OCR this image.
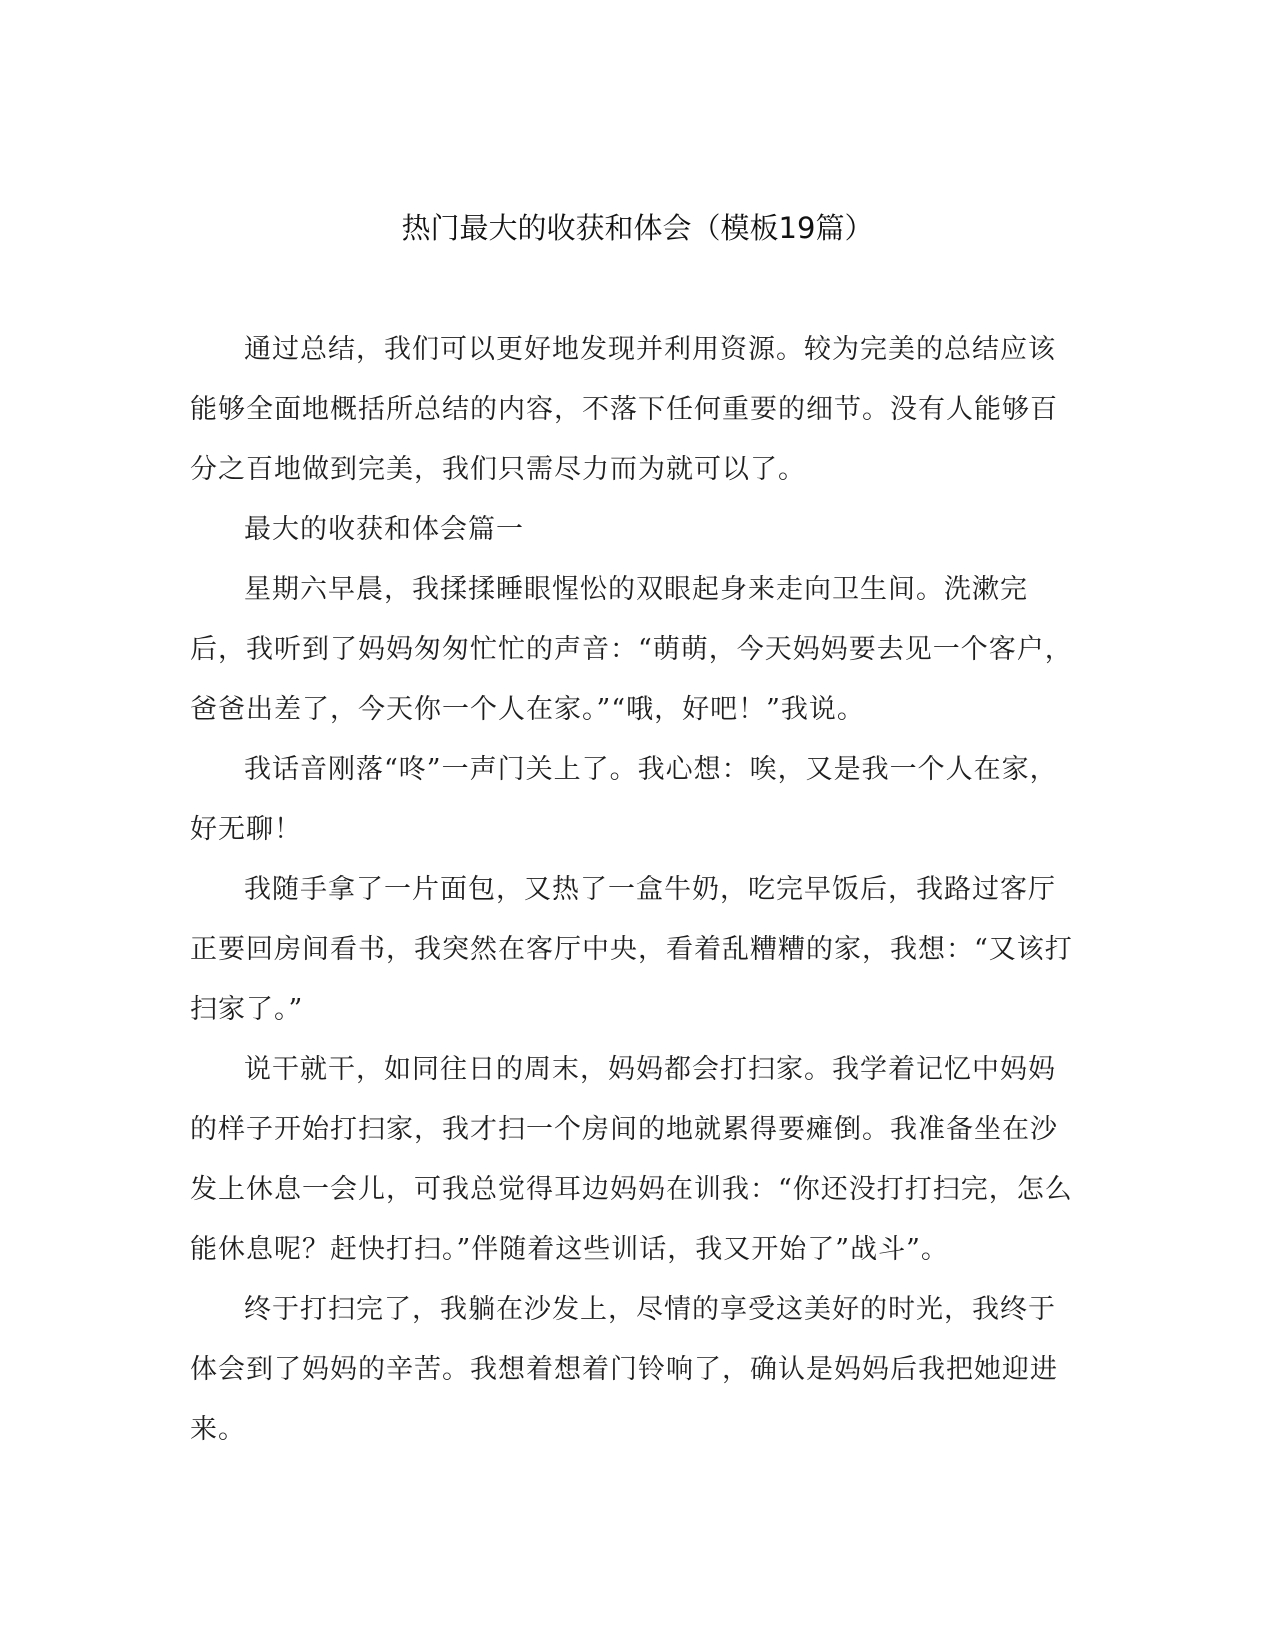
热门最大的收获和体会（模板19篇）

通过总结，我们可以更好地发现并利用资源。较为完美的总结应该能够全面地概括所总结的内容，不落下任何重要的细节。没有人能够百分之百地做到完美，我们只需尽力而为就可以了。

最大的收获和体会篇一

星期六早晨，我揉揉睡眼惺忪的双眼起身来走向卫生间。洗漱完后，我听到了妈妈匆匆忙忙的声音：“萌萌，今天妈妈要去见一个客户，爸爸出差了，今天你一个人在家。”“哦，好吧！”我说。

我话音刚落“咚”一声门关上了。我心想：唉，又是我一个人在家，好无聊！

我随手拿了一片面包，又热了一盒牛奶，吃完早饭后，我路过客厅正要回房间看书，我突然在客厅中央，看着乱糟糟的家，我想：“又该打扫家了。”

说干就干，如同往日的周末，妈妈都会打扫家。我学着记忆中妈妈的样子开始打扫家，我才扫一个房间的地就累得要瘫倒。我准备坐在沙发上休息一会儿，可我总觉得耳边妈妈在训我：“你还没打打扫完，怎么能休息呢？赶快打扫。”伴随着这些训话，我又开始了”战斗”。

终于打扫完了，我躺在沙发上，尽情的享受这美好的时光，我终于体会到了妈妈的辛苦。我想着想着门铃响了，确认是妈妈后我把她迎进来。
